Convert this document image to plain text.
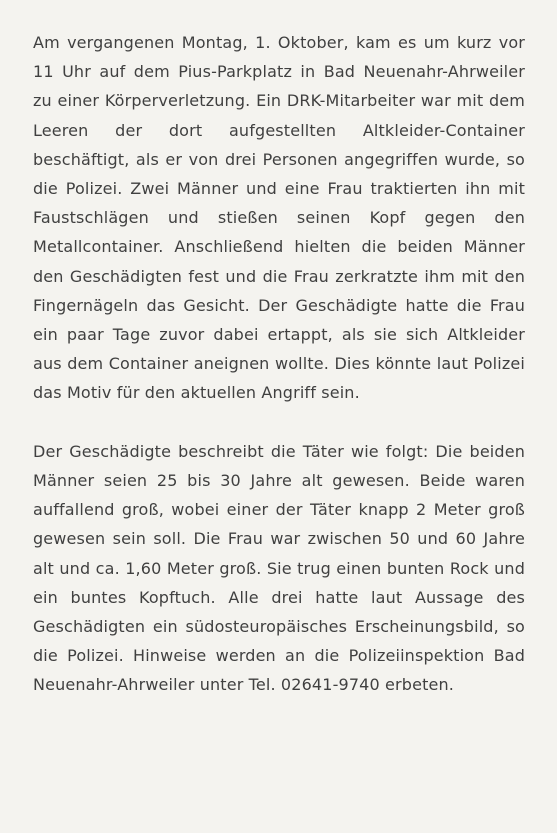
Am vergangenen Montag, 1. Oktober, kam es um kurz vor 11 Uhr auf dem Pius-Parkplatz in Bad Neuenahr-Ahrweiler zu einer Körperverletzung. Ein DRK-Mitarbeiter war mit dem Leeren der dort aufgestellten Altkleider-Container beschäftigt, als er von drei Personen angegriffen wurde, so die Polizei. Zwei Männer und eine Frau traktierten ihn mit Faustschlägen und stießen seinen Kopf gegen den Metallcontainer. Anschließend hielten die beiden Männer den Geschädigten fest und die Frau zerkratzte ihm mit den Fingernägeln das Gesicht. Der Geschädigte hatte die Frau ein paar Tage zuvor dabei ertappt, als sie sich Altkleider aus dem Container aneignen wollte. Dies könnte laut Polizei das Motiv für den aktuellen Angriff sein.

Der Geschädigte beschreibt die Täter wie folgt: Die beiden Männer seien 25 bis 30 Jahre alt gewesen. Beide waren auffallend groß, wobei einer der Täter knapp 2 Meter groß gewesen sein soll. Die Frau war zwischen 50 und 60 Jahre alt und ca. 1,60 Meter groß. Sie trug einen bunten Rock und ein buntes Kopftuch. Alle drei hatte laut Aussage des Geschädigten ein südosteuropäisches Erscheinungsbild, so die Polizei. Hinweise werden an die Polizeiinspektion Bad Neuenahr-Ahrweiler unter Tel. 02641-9740 erbeten.
